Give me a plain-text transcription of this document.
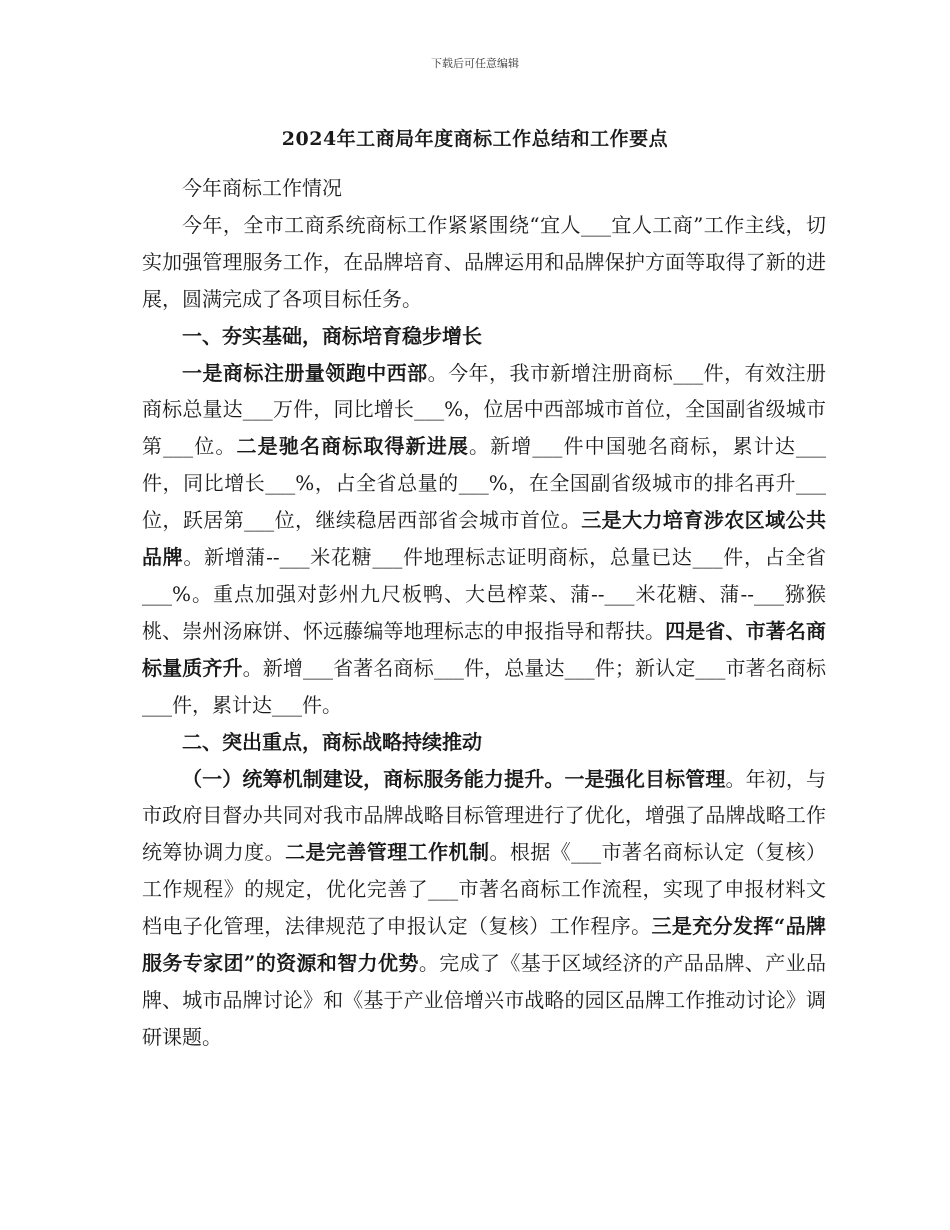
下载后可任意编辑
2024年工商局年度商标工作总结和工作要点

今年商标工作情况

今年，全市工商系统商标工作紧紧围绕“宜人___宜人工商”工作主线，切实加强管理服务工作，在品牌培育、品牌运用和品牌保护方面等取得了新的进展，圆满完成了各项目标任务。

一、夯实基础，商标培育稳步增长

一是商标注册量领跑中西部。今年，我市新增注册商标___件，有效注册商标总量达___万件，同比增长___%，位居中西部城市首位，全国副省级城市第___位。二是驰名商标取得新进展。新增___件中国驰名商标，累计达___件，同比增长___%，占全省总量的___%，在全国副省级城市的排名再升___位，跃居第___位，继续稳居西部省会城市首位。三是大力培育涉农区域公共品牌。新增蒲--___米花糖___件地理标志证明商标，总量已达___件，占全省___%。重点加强对彭州九尺板鸭、大邑榨菜、蒲--___米花糖、蒲--___猕猴桃、崇州汤麻饼、怀远藤编等地理标志的申报指导和帮扶。四是省、市著名商标量质齐升。新增___省著名商标___件，总量达___件；新认定___市著名商标___件，累计达___件。

二、突出重点，商标战略持续推动

（一）统筹机制建设，商标服务能力提升。一是强化目标管理。年初，与市政府目督办共同对我市品牌战略目标管理进行了优化，增强了品牌战略工作统筹协调力度。二是完善管理工作机制。根据《___市著名商标认定（复核）工作规程》的规定，优化完善了___市著名商标工作流程，实现了申报材料文档电子化管理，法律规范了申报认定（复核）工作程序。三是充分发挥“品牌服务专家团”的资源和智力优势。完成了《基于区域经济的产品品牌、产业品牌、城市品牌讨论》和《基于产业倍增兴市战略的园区品牌工作推动讨论》调研课题。
